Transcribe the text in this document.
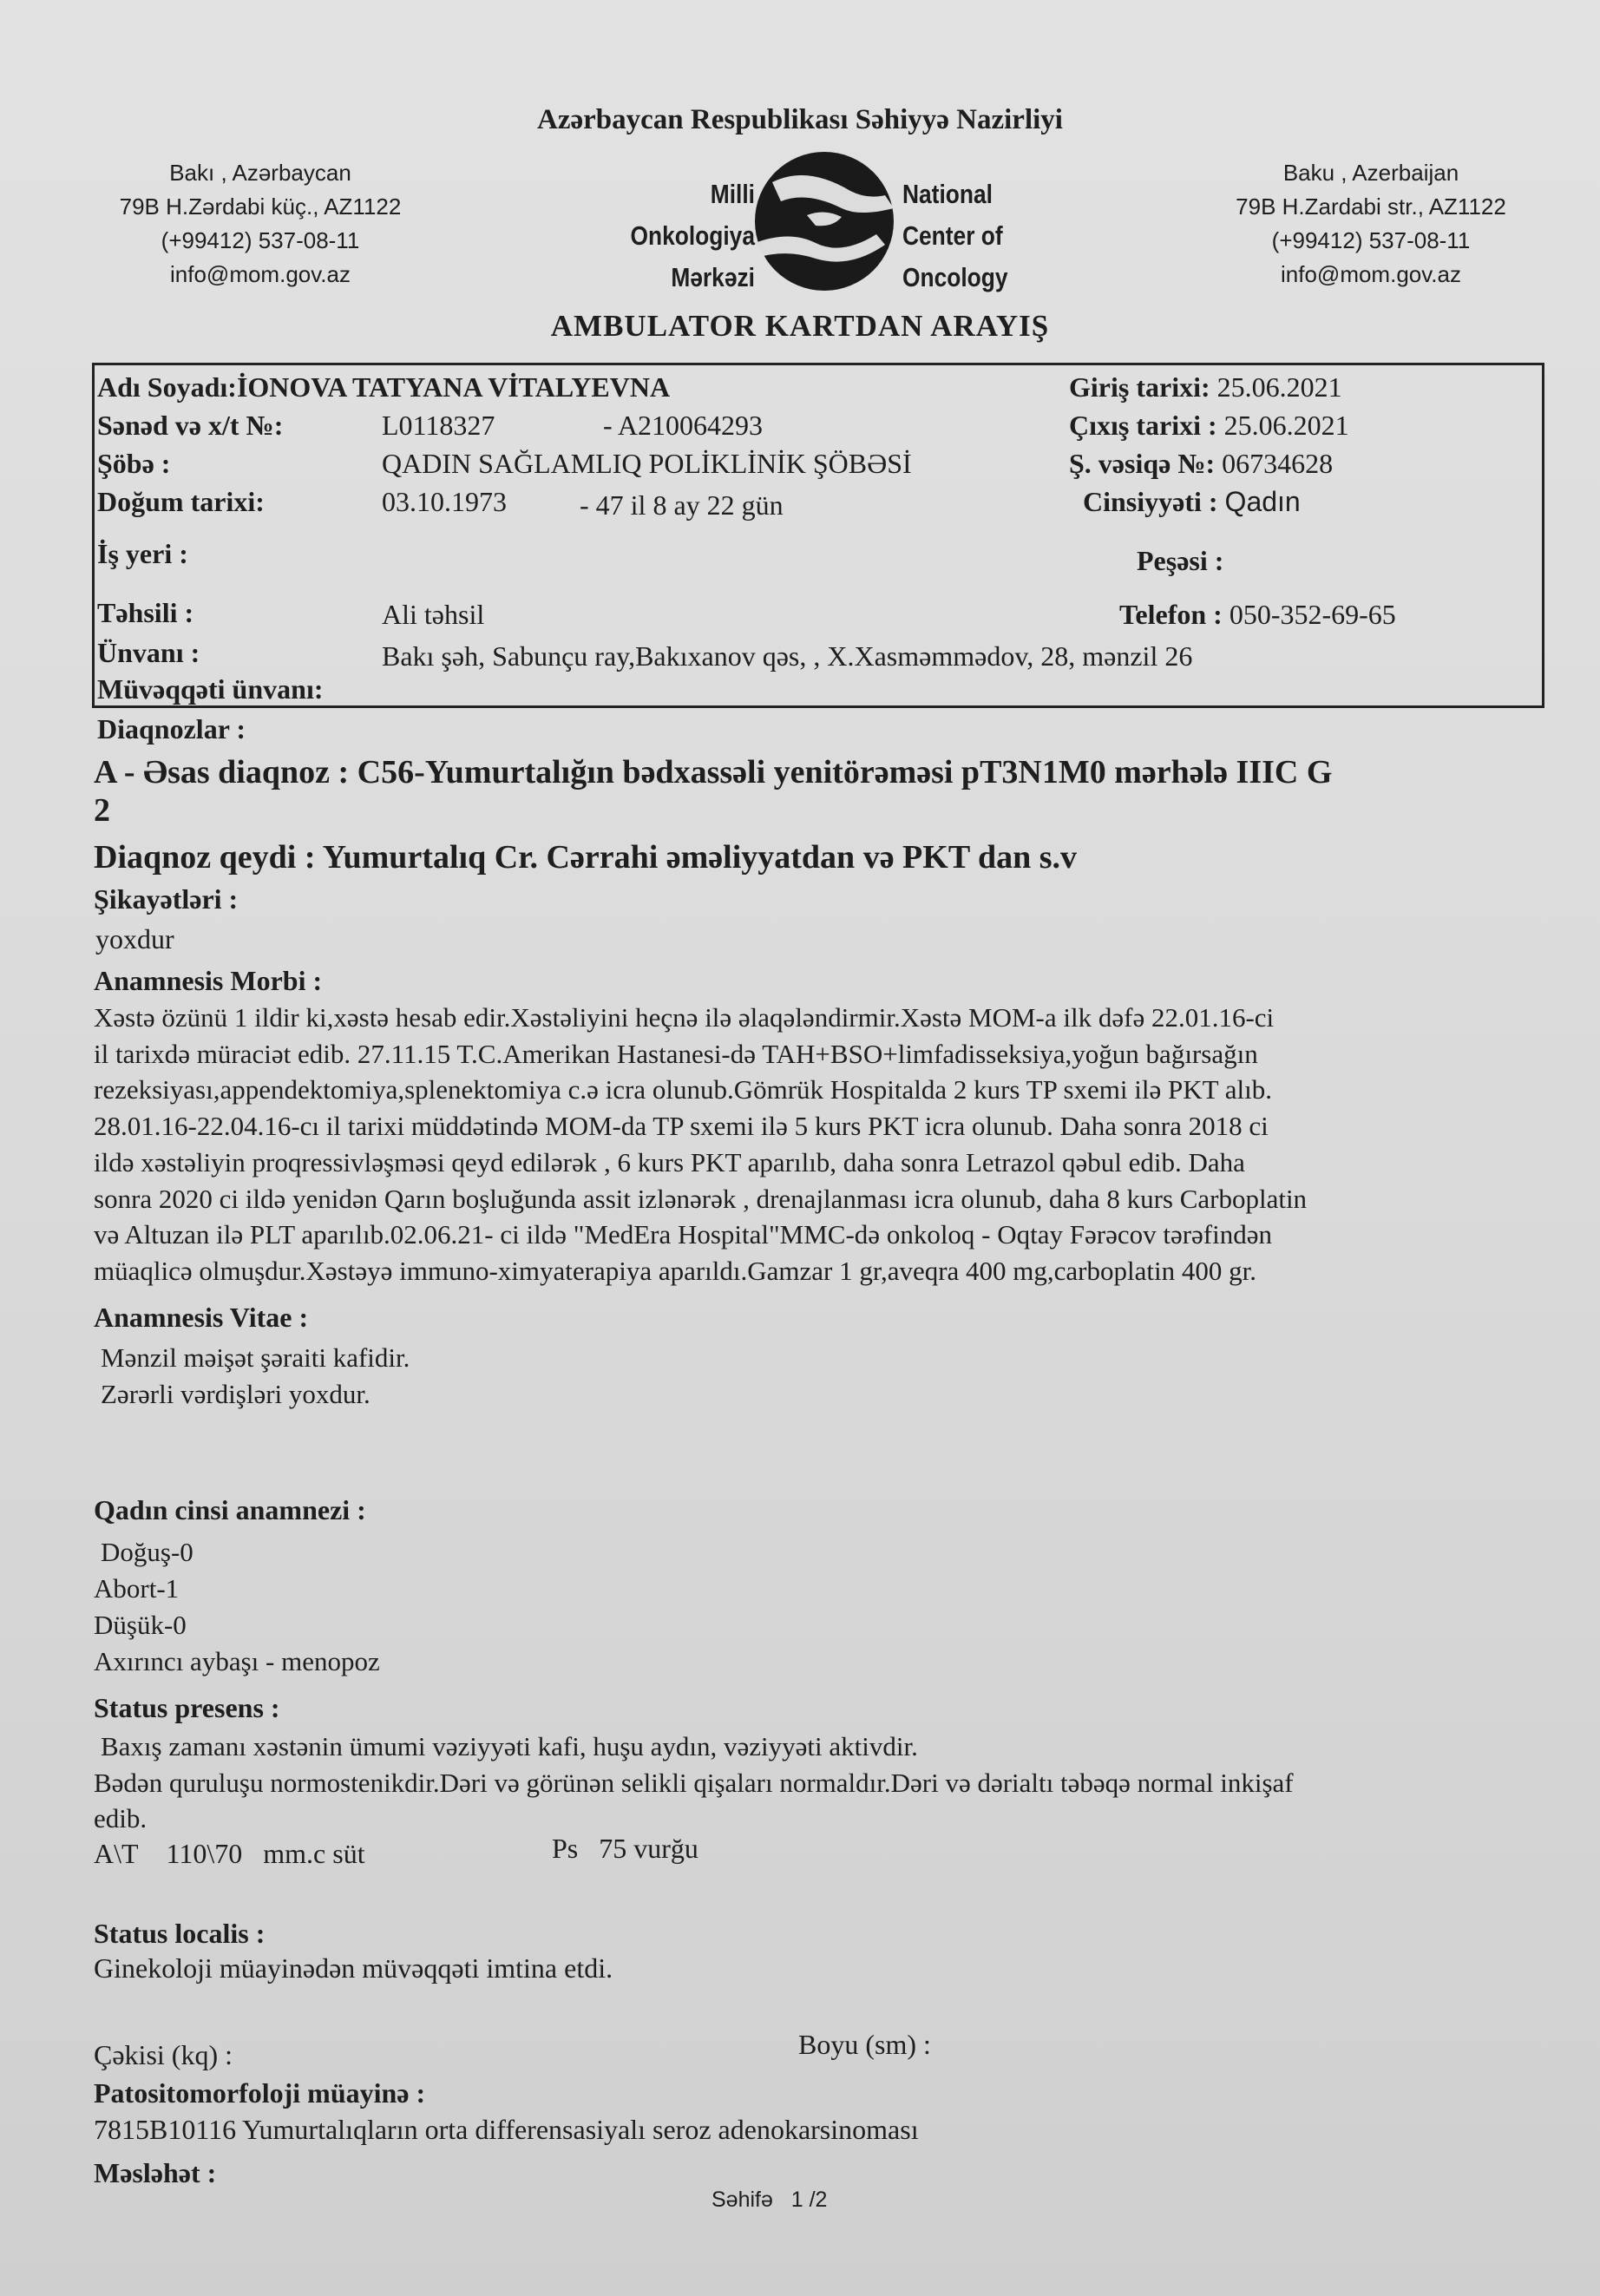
Azərbaycan Respublikası Səhiyyə Nazirliyi
Bakı , Azərbaycan
79B H.Zərdabi küç., AZ1122
(+99412) 537-08-11
info@mom.gov.az
Milli
Onkologiya
Mərkəzi
National
Center of
Oncology
Baku , Azerbaijan
79B H.Zardabi str., AZ1122
(+99412) 537-08-11
info@mom.gov.az
AMBULATOR KARTDAN ARAYIŞ
Adı Soyadı:İONOVA TATYANA VİTALYEVNA	Giriş tarixi: 25.06.2021
Sənəd və x/t №:	L0118327	- A210064293	Çıxış tarixi : 25.06.2021
Şöbə :	QADIN SAĞLAMLIQ POLİKLİNİK ŞÖBƏSİ	Ş. vəsiqə №: 06734628
Doğum tarixi:	03.10.1973	- 47 il 8 ay 22 gün	Cinsiyyəti : Qadın
İş yeri :	Peşəsi :
Təhsili :	Ali təhsil	Telefon : 050-352-69-65
Ünvanı :	Bakı şəh, Sabunçu ray,Bakıxanov qəs, , X.Xasməmmədov, 28, mənzil 26
Müvəqqəti ünvanı:
Diaqnozlar :
A - Əsas diaqnoz : C56-Yumurtalığın bədxassəli yenitörəməsi pT3N1M0 mərhələ IIIC G
2
Diaqnoz qeydi : Yumurtalıq Cr. Cərrahi əməliyyatdan və PKT dan s.v
Şikayətləri :
yoxdur
Anamnesis Morbi :
Xəstə özünü 1 ildir ki,xəstə hesab edir.Xəstəliyini heçnə ilə əlaqələndirmir.Xəstə MOM-a ilk dəfə 22.01.16-ci
il tarixdə müraciət edib. 27.11.15 T.C.Amerikan Hastanesi-də TAH+BSO+limfadisseksiya,yoğun bağırsağın
rezeksiyası,appendektomiya,splenektomiya c.ə icra olunub.Gömrük Hospitalda 2 kurs TP sxemi ilə PKT alıb.
28.01.16-22.04.16-cı il tarixi müddətində MOM-da TP sxemi ilə 5 kurs PKT icra olunub. Daha sonra 2018 ci
ildə xəstəliyin proqressivləşməsi qeyd edilərək , 6 kurs PKT aparılıb, daha sonra Letrazol qəbul edib. Daha
sonra 2020 ci ildə yenidən Qarın boşluğunda assit izlənərək , drenajlanması icra olunub, daha 8 kurs Carboplatin
və Altuzan ilə PLT aparılıb.02.06.21- ci ildə "MedEra Hospital"MMC-də onkoloq - Oqtay Fərəcov tərəfindən
müaqlicə olmuşdur.Xəstəyə immuno-ximyaterapiya aparıldı.Gamzar 1 gr,aveqra 400 mg,carboplatin 400 gr.
Anamnesis Vitae :
Mənzil məişət şəraiti kafidir.
Zərərli vərdişləri yoxdur.
Qadın cinsi anamnezi :
Doğuş-0
Abort-1
Düşük-0
Axırıncı aybaşı - menopoz
Status presens :
Baxış zamanı xəstənin ümumi vəziyyəti kafi, huşu aydın, vəziyyəti aktivdir.
Bədən quruluşu normostenikdir.Dəri və görünən selikli qişaları normaldır.Dəri və dərialtı təbəqə normal inkişaf
edib.
A\T 110\70 mm.c süt	Ps 75 vurğu
Status localis :
Ginekoloji müayinədən müvəqqəti imtina etdi.
Çəkisi (kq) :	Boyu (sm) :
Patositomorfoloji müayinə :
7815B10116 Yumurtalıqların orta differensasiyalı seroz adenokarsinoması
Məsləhət :
Səhifə 1 /2
